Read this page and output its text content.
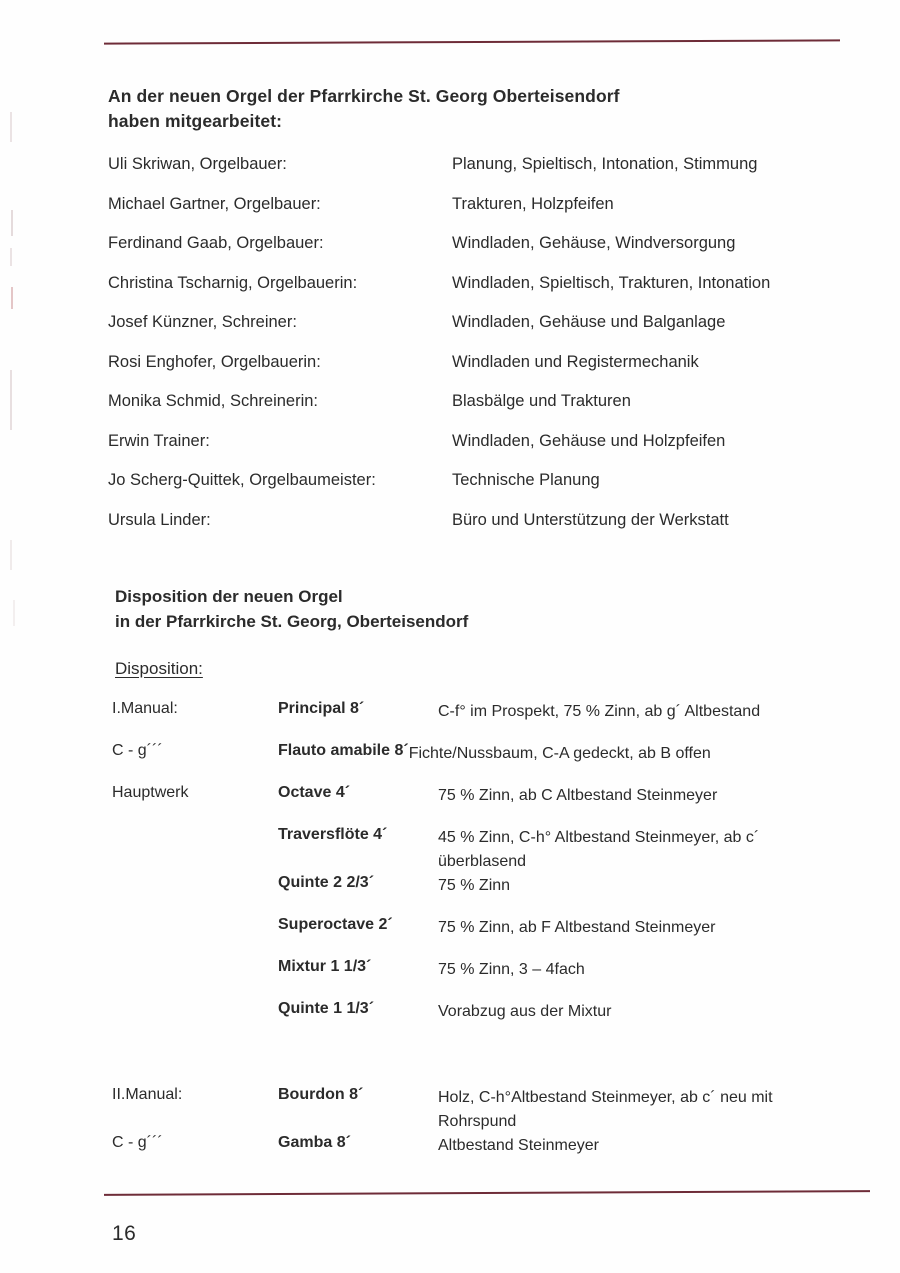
An der neuen Orgel der Pfarrkirche St. Georg Oberteisendorf
haben mitgearbeitet:
Uli Skriwan, Orgelbauer:	Planung, Spieltisch, Intonation, Stimmung
Michael Gartner, Orgelbauer:	Trakturen, Holzpfeifen
Ferdinand Gaab, Orgelbauer:	Windladen, Gehäuse, Windversorgung
Christina Tscharnig, Orgelbauerin:	Windladen, Spieltisch, Trakturen, Intonation
Josef Künzner, Schreiner:	Windladen, Gehäuse und Balganlage
Rosi Enghofer, Orgelbauerin:	Windladen und Registermechanik
Monika Schmid, Schreinerin:	Blasbälge und Trakturen
Erwin Trainer:	Windladen, Gehäuse und Holzpfeifen
Jo Scherg-Quittek, Orgelbaumeister:	Technische Planung
Ursula Linder:	Büro und Unterstützung der Werkstatt
Disposition der neuen Orgel
in der Pfarrkirche St. Georg, Oberteisendorf
Disposition:
I.Manual:	Principal 8´	C-f° im Prospekt, 75 % Zinn, ab g´ Altbestand
C - g´´´	Flauto amabile 8´ Fichte/Nussbaum, C-A gedeckt, ab B offen
Hauptwerk	Octave 4´	75 % Zinn, ab C Altbestand Steinmeyer
Traversflöte 4´	45 % Zinn, C-h° Altbestand Steinmeyer, ab c´
überblasend
Quinte 2 2/3´	75 % Zinn
Superoctave 2´	75 % Zinn, ab F Altbestand Steinmeyer
Mixtur 1 1/3´	75 % Zinn, 3 – 4fach
Quinte 1 1/3´	Vorabzug aus der Mixtur
II.Manual:	Bourdon 8´	Holz, C-h°Altbestand Steinmeyer, ab c´ neu mit
Rohrspund
C - g´´´	Gamba 8´	Altbestand Steinmeyer
16
